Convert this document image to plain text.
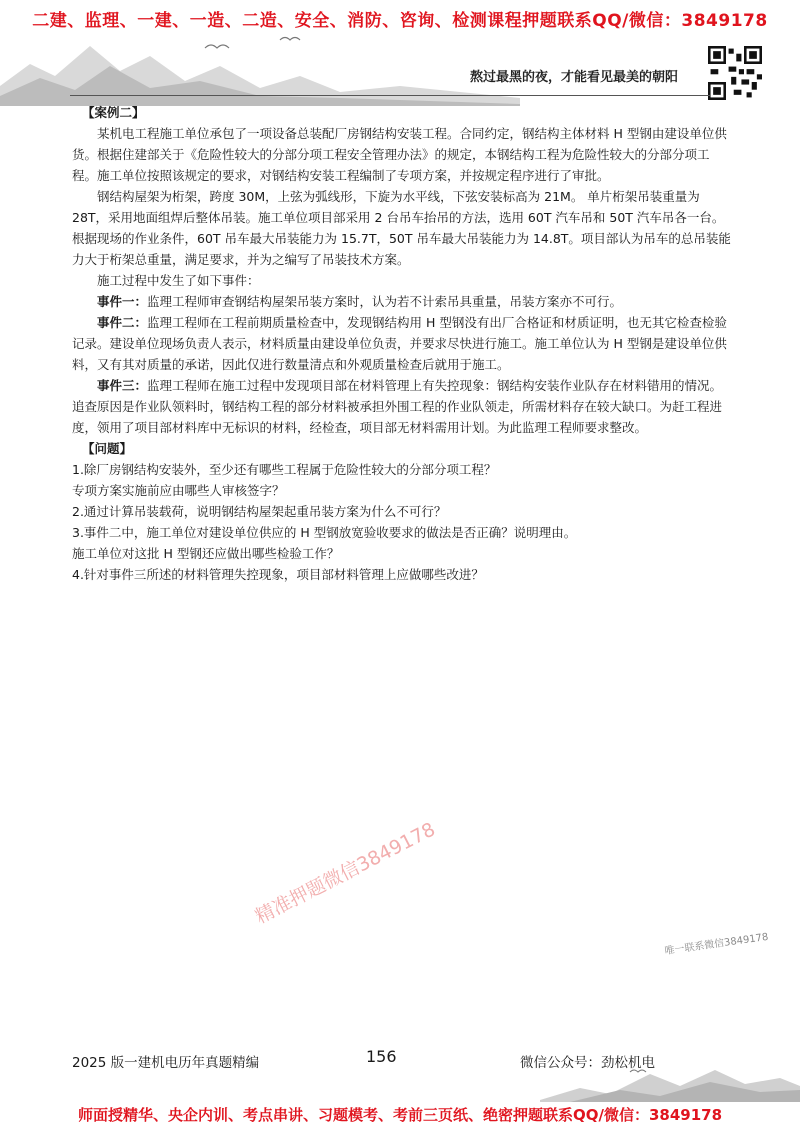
二建、监理、一建、一造、二造、安全、消防、咨询、检测课程押题联系QQ/微信：3849178
熬过最黑的夜，才能看见最美的朝阳

【案例二】

某机电工程施工单位承包了一项设备总装配厂房钢结构安装工程。合同约定，钢结构主体材料 H 型钢由建设单位供货。根据住建部关于《危险性较大的分部分项工程安全管理办法》的规定，本钢结构工程为危险性较大的分部分项工程。施工单位按照该规定的要求，对钢结构安装工程编制了专项方案，并按规定程序进行了审批。

钢结构屋架为桁架，跨度 30M，上弦为弧线形，下旋为水平线，下弦安装标高为 21M。 单片桁架吊装重量为 28T，采用地面组焊后整体吊装。施工单位项目部采用 2 台吊车抬吊的方法，选用 60T 汽车吊和 50T 汽车吊各一台。根据现场的作业条件，60T 吊车最大吊装能力为 15.7T，50T 吊车最大吊装能力为 14.8T。项目部认为吊车的总吊装能力大于桁架总重量，满足要求，并为之编写了吊装技术方案。

施工过程中发生了如下事件：

事件一：监理工程师审查钢结构屋架吊装方案时，认为若不计索吊具重量，吊装方案亦不可行。

事件二：监理工程师在工程前期质量检查中，发现钢结构用 H 型钢没有出厂合格证和材质证明，也无其它检查检验记录。建设单位现场负责人表示，材料质量由建设单位负责，并要求尽快进行施工。施工单位认为 H 型钢是建设单位供料，又有其对质量的承诺，因此仅进行数量清点和外观质量检查后就用于施工。

事件三：监理工程师在施工过程中发现项目部在材料管理上有失控现象：钢结构安装作业队存在材料错用的情况。追查原因是作业队领料时，钢结构工程的部分材料被承担外围工程的作业队领走，所需材料存在较大缺口。为赶工程进度，领用了项目部材料库中无标识的材料，经检查，项目部无材料需用计划。为此监理工程师要求整改。

【问题】

1.除厂房钢结构安装外，至少还有哪些工程属于危险性较大的分部分项工程？

专项方案实施前应由哪些人审核签字？

2.通过计算吊装载荷，说明钢结构屋架起重吊装方案为什么不可行？

3.事件二中，施工单位对建设单位供应的 H 型钢放宽验收要求的做法是否正确？说明理由。

施工单位对这批 H 型钢还应做出哪些检验工作？

4.针对事件三所述的材料管理失控现象，项目部材料管理上应做哪些改进？

精准押题微信3849178
唯一联系微信3849178
2025 版一建机电历年真题精编	156	微信公众号：劲松机电
师面授精华、央企内训、考点串讲、习题模考、考前三页纸、绝密押题联系QQ/微信：3849178
